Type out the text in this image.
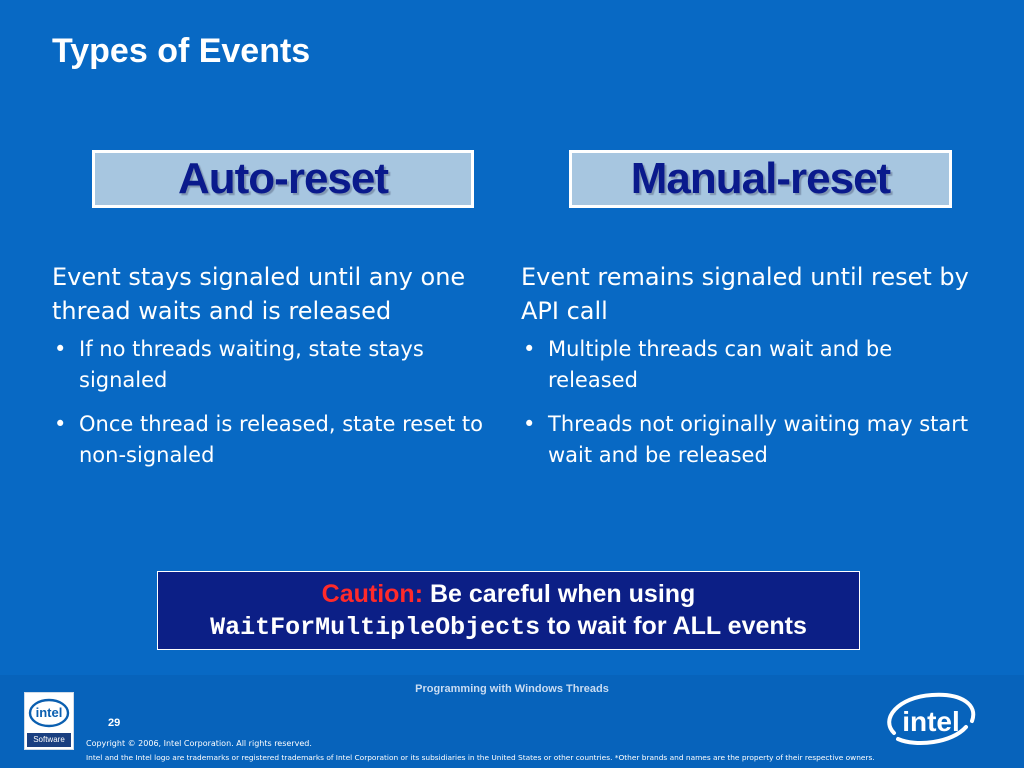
Types of Events
Auto-reset	Manual-reset

Event stays signaled until any one thread waits and is released

• If no threads waiting, state stays signaled
• Once thread is released, state reset to non-signaled

Event remains signaled until reset by API call

• Multiple threads can wait and be released
• Threads not originally waiting may start wait and be released
Caution: Be careful when using
WaitForMultipleObjects to wait for ALL events
Programming with Windows Threads
intel
Software
29
Copyright © 2006, Intel Corporation. All rights reserved.
Intel and the Intel logo are trademarks or registered trademarks of Intel Corporation or its subsidiaries in the United States or other countries. *Other brands and names are the property of their respective owners.
intel
